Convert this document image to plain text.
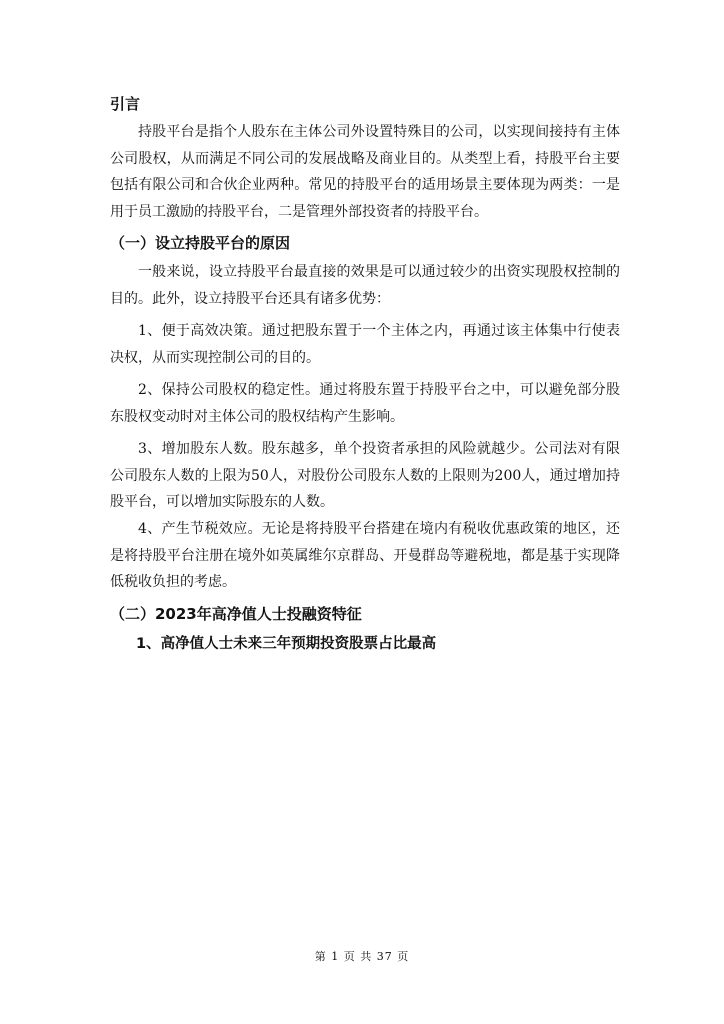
引言
持股平台是指个人股东在主体公司外设置特殊目的公司，以实现间接持有主体公司股权，从而满足不同公司的发展战略及商业目的。从类型上看，持股平台主要包括有限公司和合伙企业两种。常见的持股平台的适用场景主要体现为两类：一是用于员工激励的持股平台，二是管理外部投资者的持股平台。
（一）设立持股平台的原因
一般来说，设立持股平台最直接的效果是可以通过较少的出资实现股权控制的目的。此外，设立持股平台还具有诸多优势：
1、便于高效决策。通过把股东置于一个主体之内，再通过该主体集中行使表决权，从而实现控制公司的目的。
2、保持公司股权的稳定性。通过将股东置于持股平台之中，可以避免部分股东股权变动时对主体公司的股权结构产生影响。
3、增加股东人数。股东越多，单个投资者承担的风险就越少。公司法对有限公司股东人数的上限为50人，对股份公司股东人数的上限则为200人，通过增加持股平台，可以增加实际股东的人数。
4、产生节税效应。无论是将持股平台搭建在境内有税收优惠政策的地区，还是将持股平台注册在境外如英属维尔京群岛、开曼群岛等避税地，都是基于实现降低税收负担的考虑。
（二）2023年高净值人士投融资特征
1、高净值人士未来三年预期投资股票占比最高
第 1 页 共 37 页
